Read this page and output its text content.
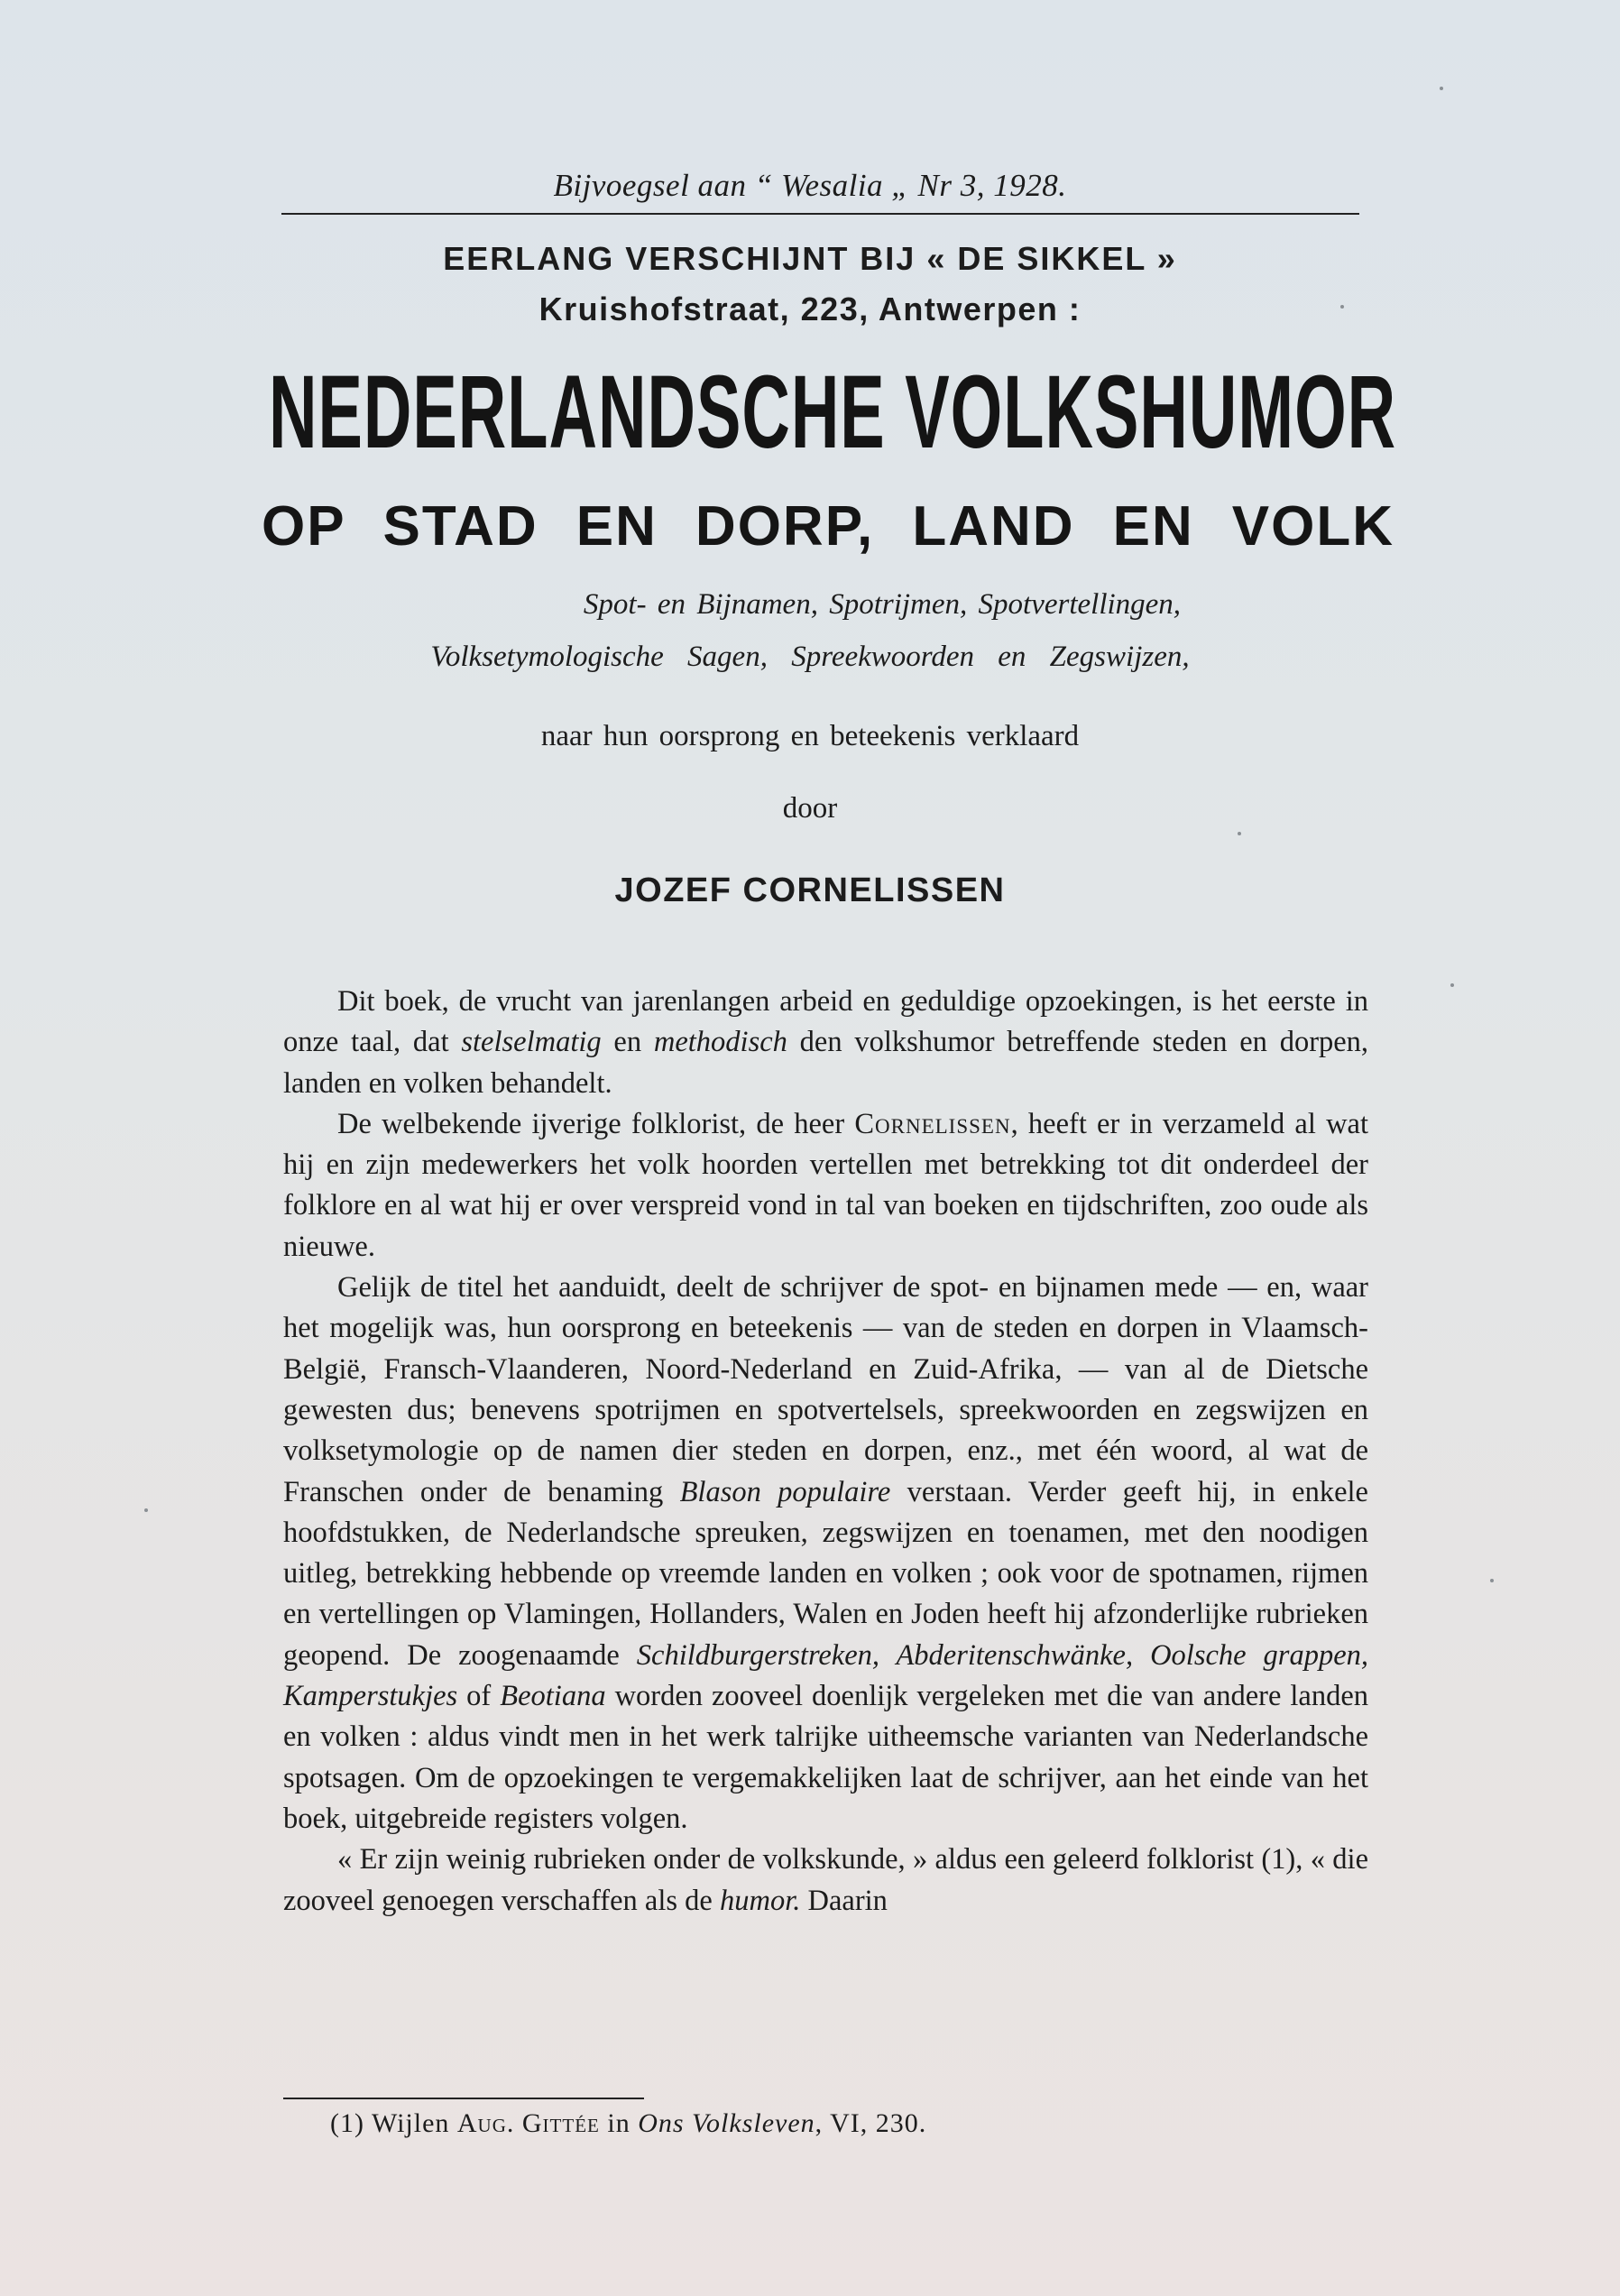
Bijvoegsel aan “ Wesalia „ Nr 3, 1928.
EERLANG VERSCHIJNT BIJ « DE SIKKEL »
Kruishofstraat, 223, Antwerpen :
NEDERLANDSCHE VOLKSHUMOR
OP STAD EN DORP, LAND EN VOLK
Spot- en Bijnamen, Spotrijmen, Spotvertellingen,
Volksetymologische Sagen, Spreekwoorden en Zegswijzen,
naar hun oorsprong en beteekenis verklaard
door
JOZEF CORNELISSEN

Dit boek, de vrucht van jarenlangen arbeid en geduldige opzoekingen, is het eerste in onze taal, dat stelselmatig en methodisch den volkshumor betreffende steden en dorpen, landen en volken behandelt.

De welbekende ijverige folklorist, de heer Cornelissen, heeft er in verzameld al wat hij en zijn medewerkers het volk hoorden vertellen met betrekking tot dit onderdeel der folklore en al wat hij er over verspreid vond in tal van boeken en tijdschriften, zoo oude als nieuwe.

Gelijk de titel het aanduidt, deelt de schrijver de spot- en bijnamen mede — en, waar het mogelijk was, hun oorsprong en beteekenis — van de steden en dorpen in Vlaamsch-België, Fransch-Vlaanderen, Noord-Nederland en Zuid-Afrika, — van al de Dietsche gewesten dus; benevens spotrijmen en spotvertelsels, spreekwoorden en zegswijzen en volksetymologie op de namen dier steden en dorpen, enz., met één woord, al wat de Franschen onder de benaming Blason populaire verstaan. Verder geeft hij, in enkele hoofdstukken, de Nederlandsche spreuken, zegswijzen en toenamen, met den noodigen uitleg, betrekking hebbende op vreemde landen en volken ; ook voor de spotnamen, rijmen en vertellingen op Vlamingen, Hollanders, Walen en Joden heeft hij afzonderlijke rubrieken geopend. De zoogenaamde Schildburgerstreken, Abderitenschwänke, Oolsche grappen, Kamperstukjes of Beotiana worden zooveel doenlijk vergeleken met die van andere landen en volken : aldus vindt men in het werk talrijke uitheemsche varianten van Nederlandsche spotsagen. Om de opzoekingen te vergemakkelijken laat de schrijver, aan het einde van het boek, uitgebreide registers volgen.

« Er zijn weinig rubrieken onder de volkskunde, » aldus een geleerd folklorist (1), « die zooveel genoegen verschaffen als de humor. Daarin

(1) Wijlen Aug. Gittée in Ons Volksleven, VI, 230.
